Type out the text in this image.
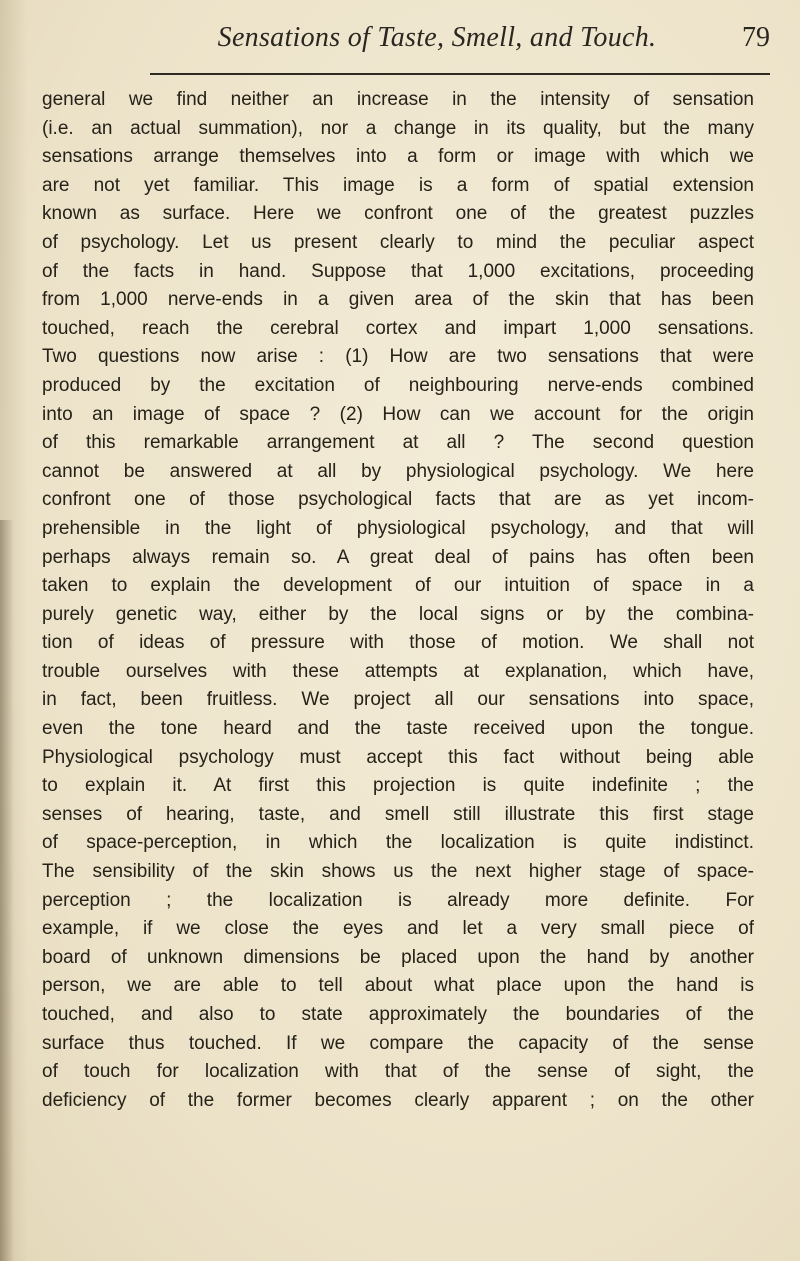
Sensations of Taste, Smell, and Touch.	79
general we find neither an increase in the intensity of sensation
(i.e. an actual summation), nor a change in its quality, but the many
sensations arrange themselves into a form or image with which we
are not yet familiar. This image is a form of spatial extension
known as surface. Here we confront one of the greatest puzzles
of psychology. Let us present clearly to mind the peculiar aspect
of the facts in hand. Suppose that 1,000 excitations, proceeding
from 1,000 nerve-ends in a given area of the skin that has been
touched, reach the cerebral cortex and impart 1,000 sensations.
Two questions now arise : (1) How are two sensations that were
produced by the excitation of neighbouring nerve-ends combined
into an image of space ? (2) How can we account for the origin
of this remarkable arrangement at all ? The second question
cannot be answered at all by physiological psychology. We here
confront one of those psychological facts that are as yet incom-
prehensible in the light of physiological psychology, and that will
perhaps always remain so. A great deal of pains has often been
taken to explain the development of our intuition of space in a
purely genetic way, either by the local signs or by the combina-
tion of ideas of pressure with those of motion. We shall not
trouble ourselves with these attempts at explanation, which have,
in fact, been fruitless. We project all our sensations into space,
even the tone heard and the taste received upon the tongue.
Physiological psychology must accept this fact without being able
to explain it. At first this projection is quite indefinite ; the
senses of hearing, taste, and smell still illustrate this first stage
of space-perception, in which the localization is quite indistinct.
The sensibility of the skin shows us the next higher stage of space-
perception ; the localization is already more definite. For
example, if we close the eyes and let a very small piece of
board of unknown dimensions be placed upon the hand by another
person, we are able to tell about what place upon the hand is
touched, and also to state approximately the boundaries of the
surface thus touched. If we compare the capacity of the sense
of touch for localization with that of the sense of sight, the
deficiency of the former becomes clearly apparent ; on the other
